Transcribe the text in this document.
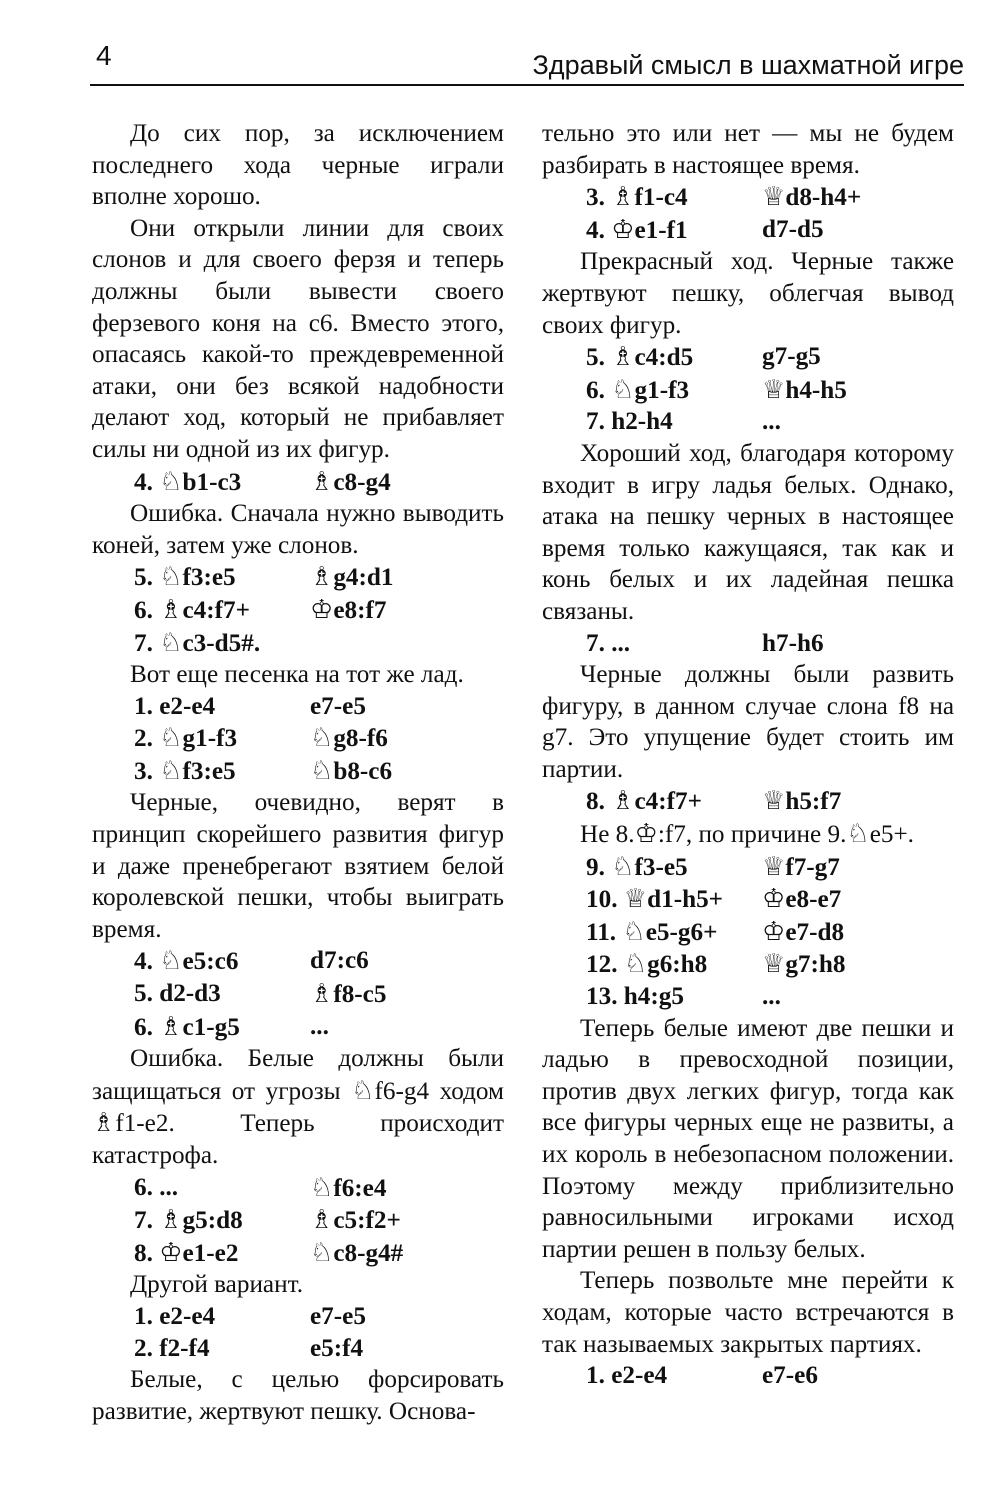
4	Здравый смысл в шахматной игре

До сих пор, за исключением последнего хода черные играли вполне хорошо.

Они открыли линии для своих слонов и для своего ферзя и теперь должны были вывести своего ферзевого коня на c6. Вместо этого, опасаясь какой-то преждевременной атаки, они без всякой надобности делают ход, который не прибавляет силы ни одной из их фигур.

4. ♘b1-c3	♗c8-g4

Ошибка. Сначала нужно выводить коней, затем уже слонов.

5. ♘f3:e5	♗g4:d1
6. ♗c4:f7+	♔e8:f7
7. ♘c3-d5#.

Вот еще песенка на тот же лад.

1. e2-e4	e7-e5
2. ♘g1-f3	♘g8-f6
3. ♘f3:e5	♘b8-c6

Черные, очевидно, верят в принцип скорейшего развития фигур и даже пренебрегают взятием белой королевской пешки, чтобы выиграть время.

4. ♘e5:c6	d7:c6
5. d2-d3	♗f8-c5
6. ♗c1-g5	...

Ошибка. Белые должны были защищаться от угрозы ♘f6-g4 ходом ♗f1-e2. Теперь происходит катастрофа.

6. ...	♘f6:e4
7. ♗g5:d8	♗c5:f2+
8. ♔e1-e2	♘c8-g4#

Другой вариант.

1. e2-e4	e7-e5
2. f2-f4	e5:f4

Белые, с целью форсировать развитие, жертвуют пешку. Основа-

тельно это или нет — мы не будем разбирать в настоящее время.

3. ♗f1-c4	♕d8-h4+
4. ♔e1-f1	d7-d5

Прекрасный ход. Черные также жертвуют пешку, облегчая вывод своих фигур.

5. ♗c4:d5	g7-g5
6. ♘g1-f3	♕h4-h5
7. h2-h4	...

Хороший ход, благодаря которому входит в игру ладья белых. Однако, атака на пешку черных в настоящее время только кажущаяся, так как и конь белых и их ладейная пешка связаны.

7. ...	h7-h6

Черные должны были развить фигуру, в данном случае слона f8 на g7. Это упущение будет стоить им партии.

8. ♗c4:f7+	♕h5:f7

Не 8.♔:f7, по причине 9.♘e5+.

9. ♘f3-e5	♕f7-g7
10. ♕d1-h5+	♔e8-e7
11. ♘e5-g6+	♔e7-d8
12. ♘g6:h8	♕g7:h8
13. h4:g5	...

Теперь белые имеют две пешки и ладью в превосходной позиции, против двух легких фигур, тогда как все фигуры черных еще не развиты, а их король в небезопасном положении. Поэтому между приблизительно равносильными игроками исход партии решен в пользу белых.

Теперь позвольте мне перейти к ходам, которые часто встречаются в так называемых закрытых партиях.

1. e2-e4	e7-e6
